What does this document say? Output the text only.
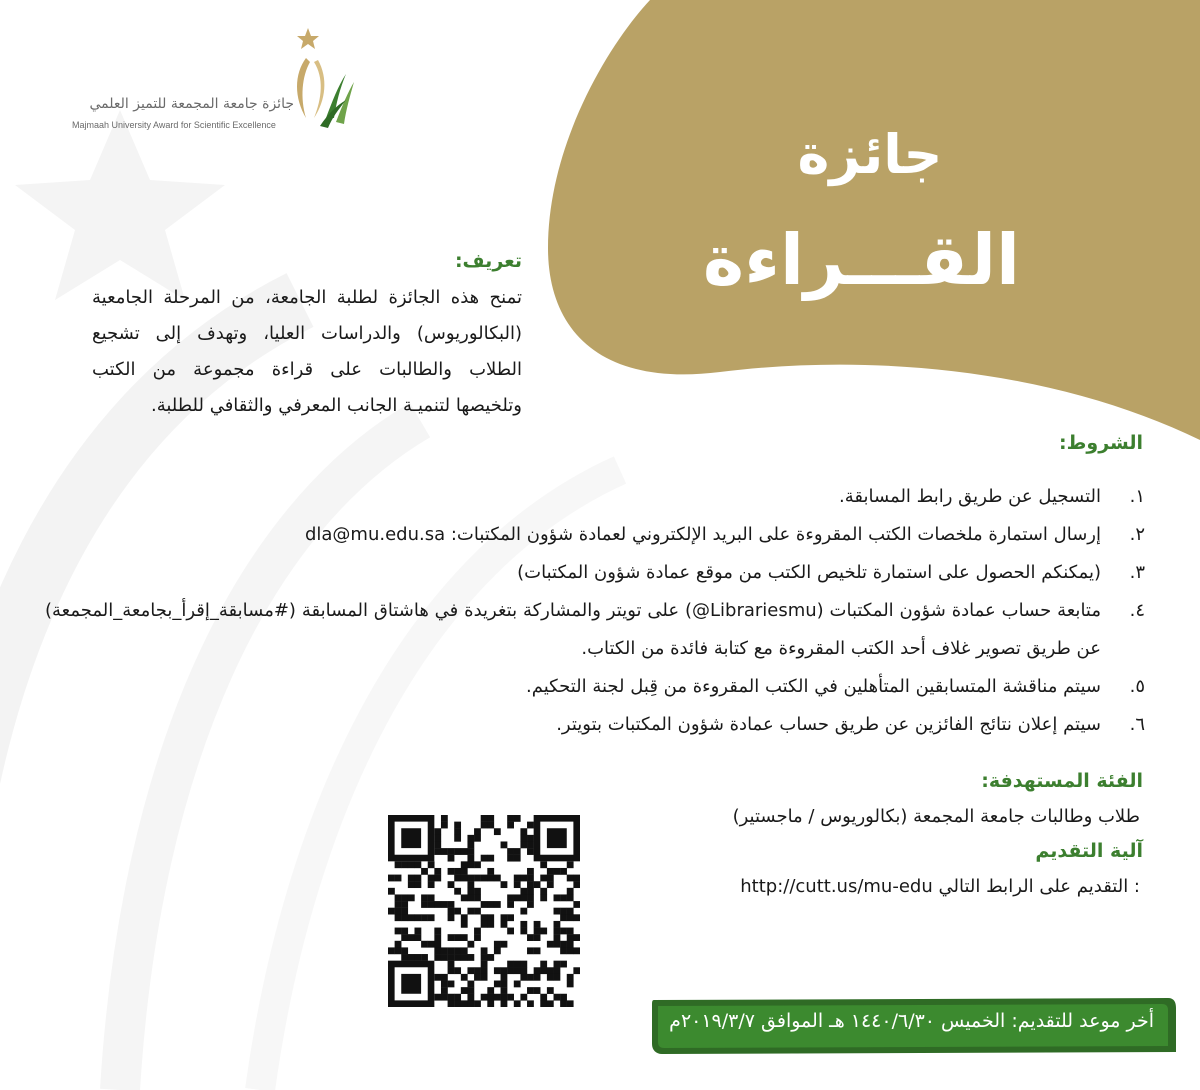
جائزة
القـــراءة
جائزة جامعة المجمعة للتميز العلمي
Majmaah University Award for Scientific Excellence
تعريف:

تمنح هذه الجائزة لطلبة الجامعة، من المرحلة الجامعية (البكالوريوس) والدراسات العليا، وتهدف إلى تشجيع الطلاب والطالبات على قراءة مجموعة من الكتب وتلخيصها لتنميـة الجانب المعرفي والثقافي للطلبة.

الشروط:
١.
التسجيل عن طريق رابط المسابقة.
٢.
إرسال استمارة ملخصات الكتب المقروءة على البريد الإلكتروني لعمادة شؤون المكتبات: dla@mu.edu.sa
٣.
(يمكنكم الحصول على استمارة تلخيص الكتب من موقع عمادة شؤون المكتبات)
٤.
متابعة حساب عمادة شؤون المكتبات (Librariesmu@) على تويتر والمشاركة بتغريدة في هاشتاق المسابقة (#مسابقة_إقرأ_بجامعة_المجمعة) عن طريق تصوير غلاف أحد الكتب المقروءة مع كتابة فائدة من الكتاب.
٥.
سيتم مناقشة المتسابقين المتأهلين في الكتب المقروءة من قِبل لجنة التحكيم.
٦.
سيتم إعلان نتائج الفائزين عن طريق حساب عمادة شؤون المكتبات بتويتر.
الفئة المستهدفة:
طلاب وطالبات جامعة المجمعة (بكالوريوس / ماجستير)
آلية التقديم
: التقديم على الرابط التالي http://cutt.us/mu-edu
أخر موعد للتقديم: الخميس ١٤٤٠/٦/٣٠ هـ الموافق ٢٠١٩/٣/٧م
